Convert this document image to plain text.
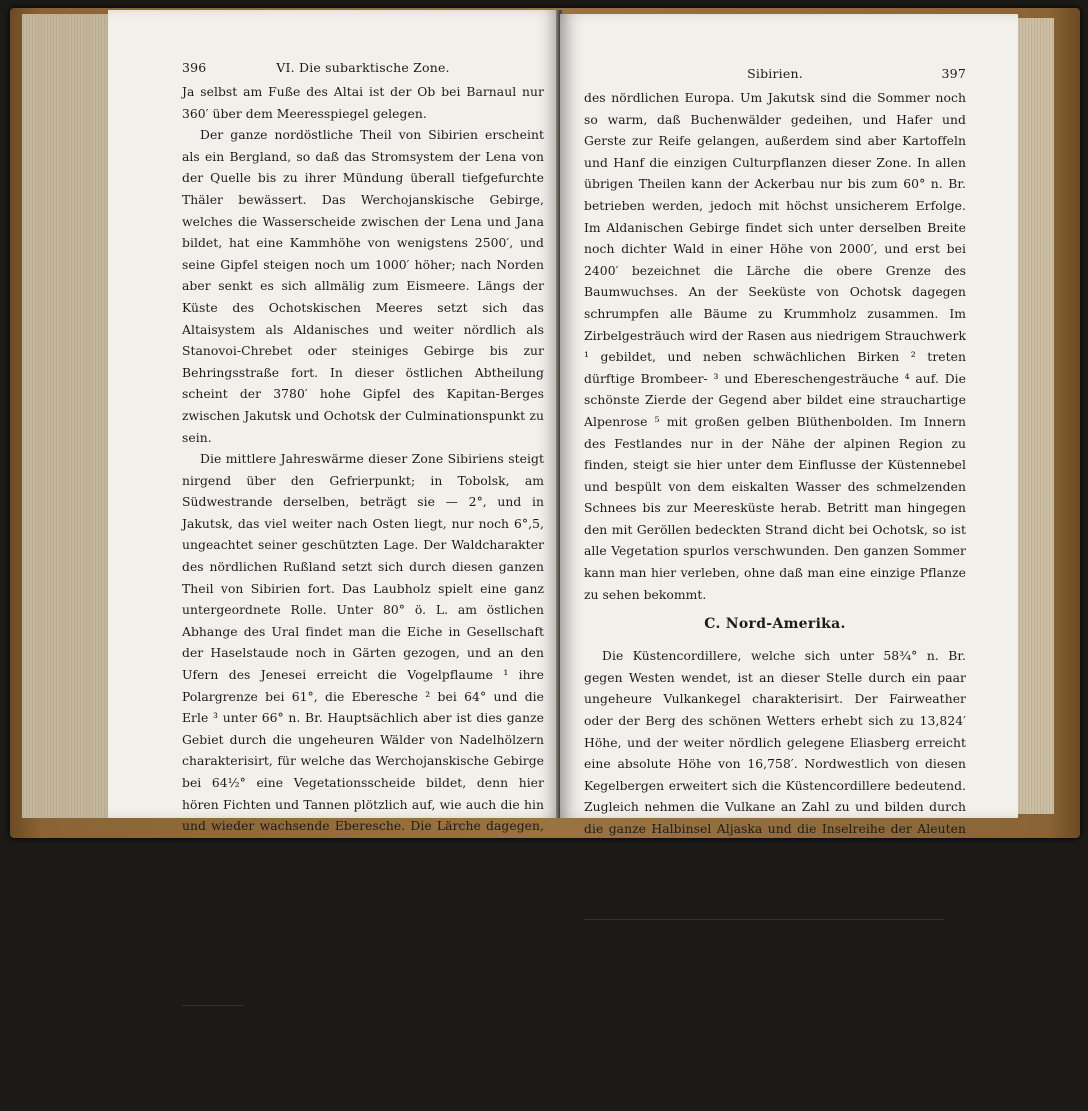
396	VI. Die subarktische Zone.

Ja selbst am Fuße des Altai ist der Ob bei Barnaul nur 360′ über dem Meeresspiegel gelegen.

Der ganze nordöstliche Theil von Sibirien erscheint als ein Bergland, so daß das Stromsystem der Lena von der Quelle bis zu ihrer Mündung überall tiefgefurchte Thäler bewässert. Das Werchojanskische Gebirge, welches die Wasserscheide zwischen der Lena und Jana bildet, hat eine Kammhöhe von wenigstens 2500′, und seine Gipfel steigen noch um 1000′ höher; nach Norden aber senkt es sich allmälig zum Eismeere. Längs der Küste des Ochotskischen Meeres setzt sich das Altaisystem als Aldanisches und weiter nördlich als Stanovoi-Chrebet oder steiniges Gebirge bis zur Behringsstraße fort. In dieser östlichen Abtheilung scheint der 3780′ hohe Gipfel des Kapitan-Berges zwischen Jakutsk und Ochotsk der Culminationspunkt zu sein.

Die mittlere Jahreswärme dieser Zone Sibiriens steigt nirgend über den Gefrierpunkt; in Tobolsk, am Südwestrande derselben, beträgt sie — 2°, und in Jakutsk, das viel weiter nach Osten liegt, nur noch 6°,5, ungeachtet seiner geschützten Lage. Der Waldcharakter des nördlichen Rußland setzt sich durch diesen ganzen Theil von Sibirien fort. Das Laubholz spielt eine ganz untergeordnete Rolle. Unter 80° ö. L. am östlichen Abhange des Ural findet man die Eiche in Gesellschaft der Haselstaude noch in Gärten gezogen, und an den Ufern des Jenesei erreicht die Vogelpflaume ¹ ihre Polargrenze bei 61°, die Eberesche ² bei 64° und die Erle ³ unter 66° n. Br. Hauptsächlich aber ist dies ganze Gebiet durch die ungeheuren Wälder von Nadelhölzern charakterisirt, für welche das Werchojanskische Gebirge bei 64½° eine Vegetationsscheide bildet, denn hier hören Fichten und Tannen plötzlich auf, wie auch die hin und wieder wachsende Eberesche. Die Lärche dagegen, so wie Pappeln, Birken und Weiden finden sich noch bis 68° n. Br. Zwischen Jakutsk und Ochotsk bestehen die Wälder vorzugsweise aus Zirbelfichten, Lärchen und Tannen, denen sich eine Platane ⁴, Pappeln ⁵ und Birkengesträuche ⁶ zugesellen. Heidelbeeren ⁷ und Alpengesträuche ⁸ überziehen den Boden, und eine Menge von Kräutern ⁹ erinnern an die Flora

¹ Prunus Padus. ² Sorbus Aucuparia. ³ Alnus incana. ⁴ Platanus orientalis. ⁵ Populus alba und balsamica. ⁶ Betula Alnus, fruticosa und nana. ⁷ Vaccinium Vitis Idaea, uliginosum, Andromeda polifolia, Arbutus Uva ursi. ⁸ Rhododendron tauricum und Chrysanthum. ⁹ Pyrola, Stachys palustris und sylvatica, Scutellaria galericulata, Sanguisorba officinalis, Tanace-

Sibirien.	397

des nördlichen Europa. Um Jakutsk sind die Sommer noch so warm, daß Buchenwälder gedeihen, und Hafer und Gerste zur Reife gelangen, außerdem sind aber Kartoffeln und Hanf die einzigen Culturpflanzen dieser Zone. In allen übrigen Theilen kann der Ackerbau nur bis zum 60° n. Br. betrieben werden, jedoch mit höchst unsicherem Erfolge. Im Aldanischen Gebirge findet sich unter derselben Breite noch dichter Wald in einer Höhe von 2000′, und erst bei 2400′ bezeichnet die Lärche die obere Grenze des Baumwuchses. An der Seeküste von Ochotsk dagegen schrumpfen alle Bäume zu Krummholz zusammen. Im Zirbelgesträuch wird der Rasen aus niedrigem Strauchwerk ¹ gebildet, und neben schwächlichen Birken ² treten dürftige Brombeer- ³ und Ebereschengesträuche ⁴ auf. Die schönste Zierde der Gegend aber bildet eine strauchartige Alpenrose ⁵ mit großen gelben Blüthenbolden. Im Innern des Festlandes nur in der Nähe der alpinen Region zu finden, steigt sie hier unter dem Einflusse der Küstennebel und bespült von dem eiskalten Wasser des schmelzenden Schnees bis zur Meeresküste herab. Betritt man hingegen den mit Geröllen bedeckten Strand dicht bei Ochotsk, so ist alle Vegetation spurlos verschwunden. Den ganzen Sommer kann man hier verleben, ohne daß man eine einzige Pflanze zu sehen bekommt.

C. Nord-Amerika.

Die Küstencordillere, welche sich unter 58¾° n. Br. gegen Westen wendet, ist an dieser Stelle durch ein paar ungeheure Vulkankegel charakterisirt. Der Fairweather oder der Berg des schönen Wetters erhebt sich zu 13,824′ Höhe, und der weiter nördlich gelegene Eliasberg erreicht eine absolute Höhe von 16,758′. Nordwestlich von diesen Kegelbergen erweitert sich die Küstencordillere bedeutend. Zugleich nehmen die Vulkane an Zahl zu und bilden durch die ganze Halbinsel Aljaska und die Inselreihe der Aleuten eine gewaltige Reihe fortwährend brennender Feuerberge, die erst an der Ostküste von Kamtschatka ihr Ende erreicht, wo der 14,800′ hohe Kljutschewsker den

tum vulgare, Trientalis europaea, Valeriana officinalis, Anemone sylvestris und narcissiflora, Antirrhinum Linaria, Euphrasia officinalis, Potentilla anserina, Galium boreale, Lysimachia thyrsiflora.

¹ Andromeda lycopodioides, Azalea procumbens, Diapensia. ² Betula alba und nana. ³ Rubus arcticus. ⁴ Sorbus sambucifolia. ⁵ Rhododendron chrysanthum.
